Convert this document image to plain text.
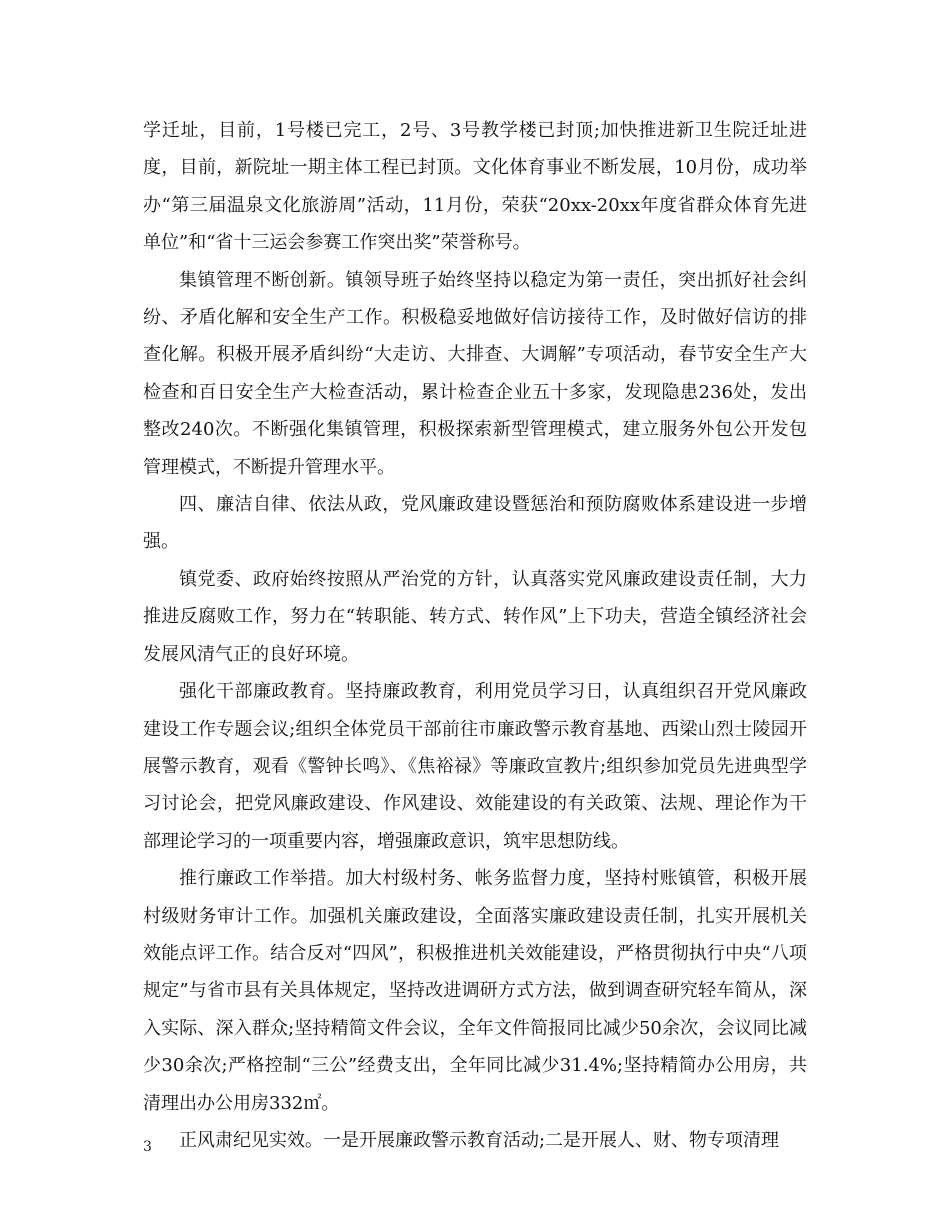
学迁址，目前，1号楼已完工，2号、3号教学楼已封顶;加快推进新卫生院迁址进度，目前，新院址一期主体工程已封顶。文化体育事业不断发展，10月份，成功举办“第三届温泉文化旅游周”活动，11月份，荣获“20xx-20xx年度省群众体育先进单位”和“省十三运会参赛工作突出奖”荣誉称号。

集镇管理不断创新。镇领导班子始终坚持以稳定为第一责任，突出抓好社会纠纷、矛盾化解和安全生产工作。积极稳妥地做好信访接待工作，及时做好信访的排查化解。积极开展矛盾纠纷“大走访、大排查、大调解”专项活动，春节安全生产大检查和百日安全生产大检查活动，累计检查企业五十多家，发现隐患236处，发出整改240次。不断强化集镇管理，积极探索新型管理模式，建立服务外包公开发包管理模式，不断提升管理水平。

四、廉洁自律、依法从政，党风廉政建设暨惩治和预防腐败体系建设进一步增强。

镇党委、政府始终按照从严治党的方针，认真落实党风廉政建设责任制，大力推进反腐败工作，努力在“转职能、转方式、转作风”上下功夫，营造全镇经济社会发展风清气正的良好环境。

强化干部廉政教育。坚持廉政教育，利用党员学习日，认真组织召开党风廉政建设工作专题会议;组织全体党员干部前往市廉政警示教育基地、西梁山烈士陵园开展警示教育，观看《警钟长鸣》、《焦裕禄》等廉政宣教片;组织参加党员先进典型学习讨论会，把党风廉政建设、作风建设、效能建设的有关政策、法规、理论作为干部理论学习的一项重要内容，增强廉政意识，筑牢思想防线。

推行廉政工作举措。加大村级村务、帐务监督力度，坚持村账镇管，积极开展村级财务审计工作。加强机关廉政建设，全面落实廉政建设责任制，扎实开展机关效能点评工作。结合反对“四风”，积极推进机关效能建设，严格贯彻执行中央“八项规定”与省市县有关具体规定，坚持改进调研方式方法，做到调查研究轻车简从，深入实际、深入群众;坚持精简文件会议，全年文件简报同比减少50余次，会议同比减少30余次;严格控制“三公”经费支出，全年同比减少31.4%;坚持精简办公用房，共清理出办公用房332㎡。

正风肃纪见实效。一是开展廉政警示教育活动;二是开展人、财、物专项清理

3
